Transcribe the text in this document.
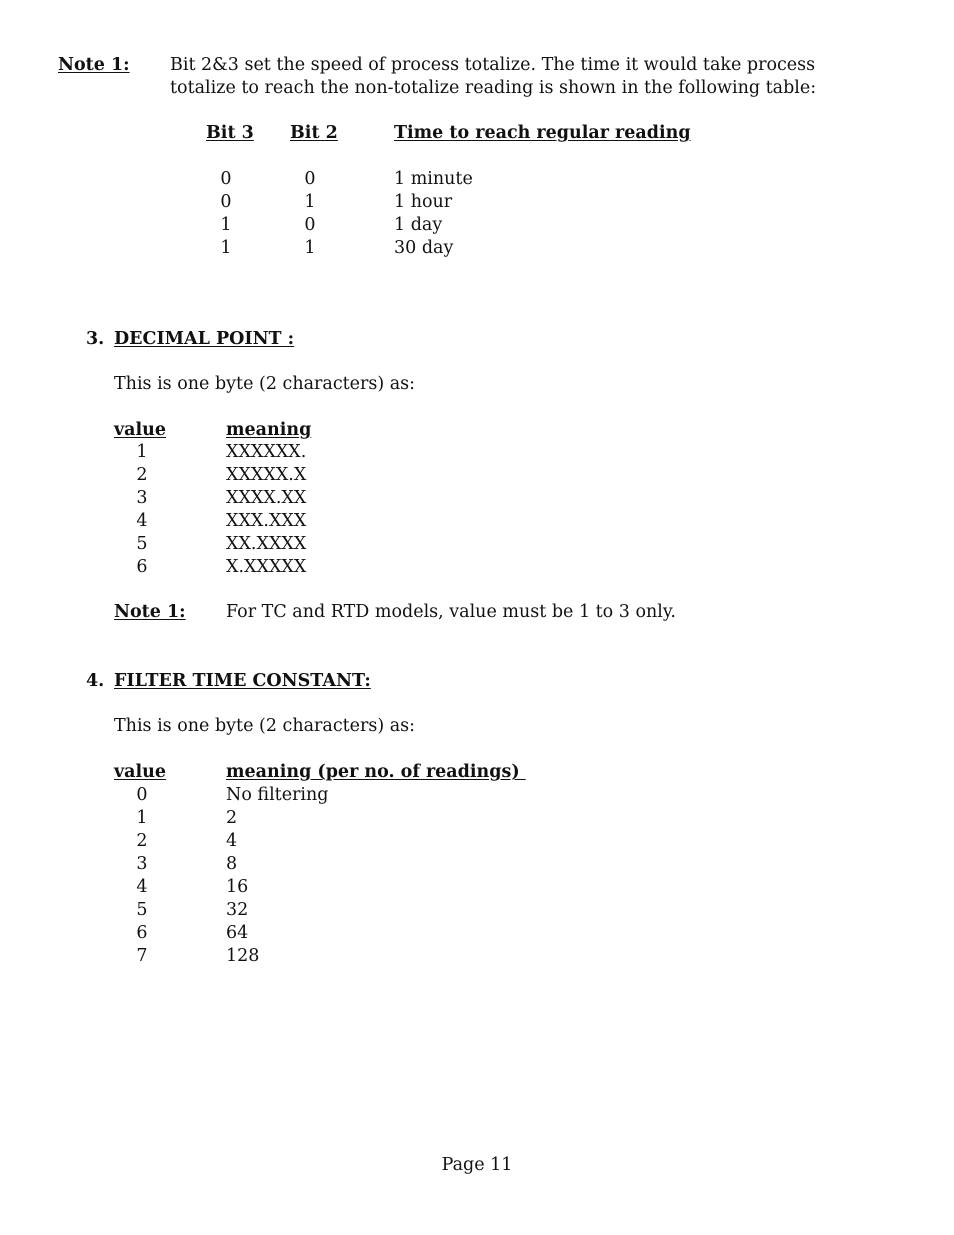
Note 1: Bit 2&3 set the speed of process totalize. The time it would take process totalize to reach the non-totalize reading is shown in the following table:
Bit 3 Bit 2	Time to reach regular reading
0	0	1 minute
0	1	1 hour
1	0	1 day
1	1	30 day
3. DECIMAL POINT :
This is one byte (2 characters) as:
value	meaning
1	XXXXXX.
2	XXXXX.X
3	XXXX.XX
4	XXX.XXX
5	XX.XXXX
6	X.XXXXX
Note 1: For TC and RTD models, value must be 1 to 3 only.
4. FILTER TIME CONSTANT:
This is one byte (2 characters) as:
value	meaning (per no. of readings)
0	No filtering
1	2
2	4
3	8
4	16
5	32
6	64
7	128
Page 11
